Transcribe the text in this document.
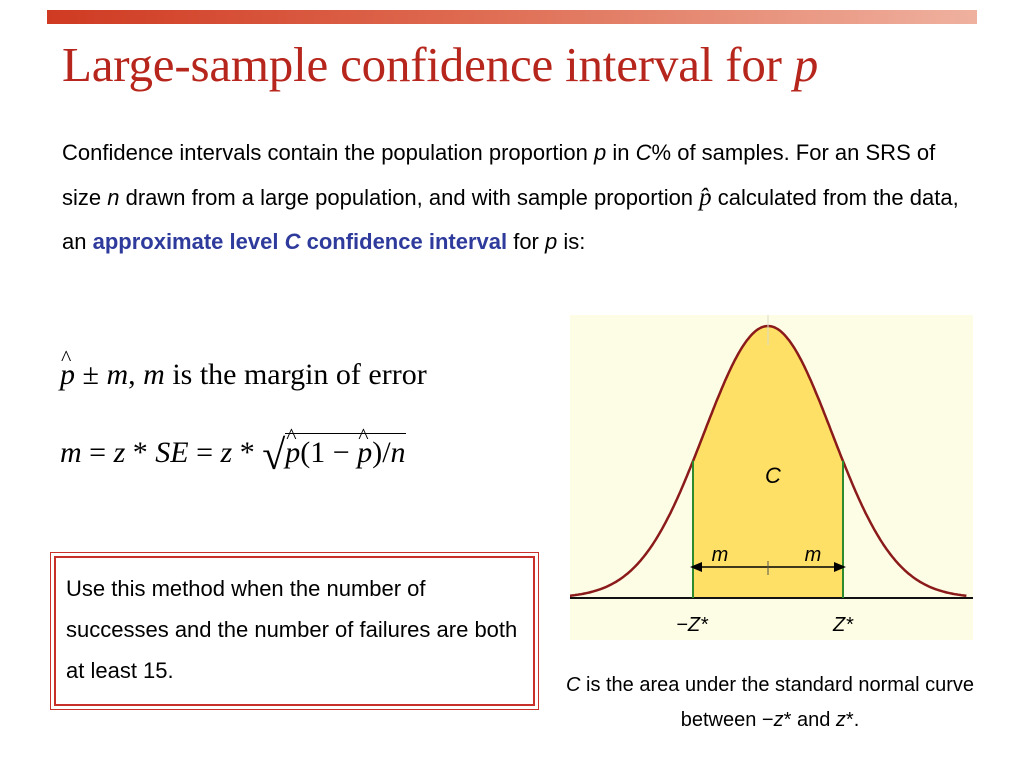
Large-sample confidence interval for p

Confidence intervals contain the population proportion p in C% of samples. For an SRS of size n drawn from a large population, and with sample proportion p̂ calculated from the data, an approximate level C confidence interval for p is:

^ p ± m, m is the margin of error
m = z * SE = z * √^ p(1 − ^ p)/n

Use this method when the number of successes and the number of failures are both at least 15.

C
m	m
−Z*	Z*

C is the area under the standard normal curve between −z* and z*.
